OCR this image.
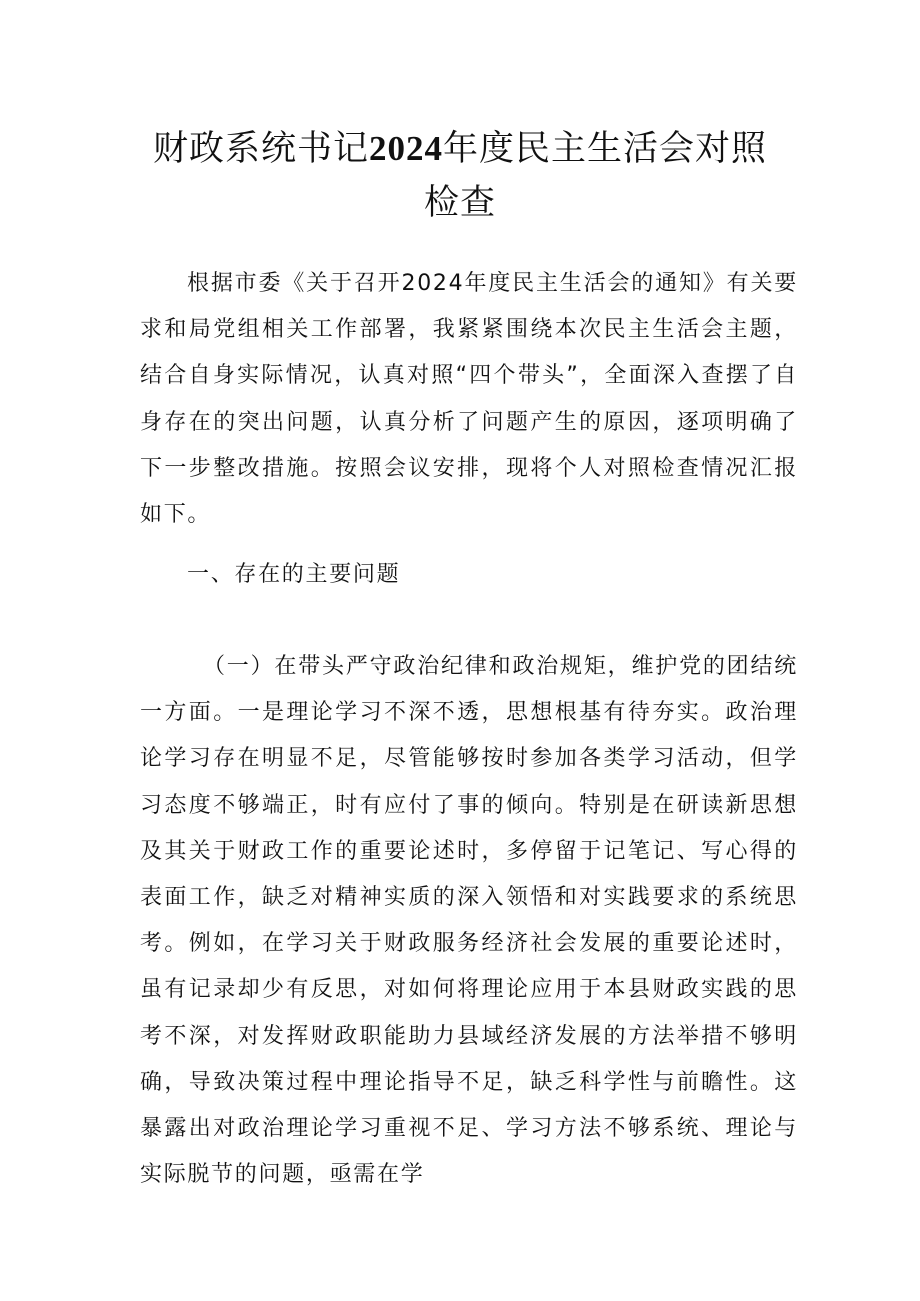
财政系统书记2024年度民主生活会对照检查

根据市委《关于召开2024年度民主生活会的通知》有关要求和局党组相关工作部署，我紧紧围绕本次民主生活会主题，结合自身实际情况，认真对照“四个带头”，全面深入查摆了自身存在的突出问题，认真分析了问题产生的原因，逐项明确了下一步整改措施。按照会议安排，现将个人对照检查情况汇报如下。

一、存在的主要问题

（一）在带头严守政治纪律和政治规矩，维护党的团结统一方面。一是理论学习不深不透，思想根基有待夯实。政治理论学习存在明显不足，尽管能够按时参加各类学习活动，但学习态度不够端正，时有应付了事的倾向。特别是在研读新思想及其关于财政工作的重要论述时，多停留于记笔记、写心得的表面工作，缺乏对精神实质的深入领悟和对实践要求的系统思考。例如，在学习关于财政服务经济社会发展的重要论述时，虽有记录却少有反思，对如何将理论应用于本县财政实践的思考不深，对发挥财政职能助力县域经济发展的方法举措不够明确，导致决策过程中理论指导不足，缺乏科学性与前瞻性。这暴露出对政治理论学习重视不足、学习方法不够系统、理论与实际脱节的问题，亟需在学
